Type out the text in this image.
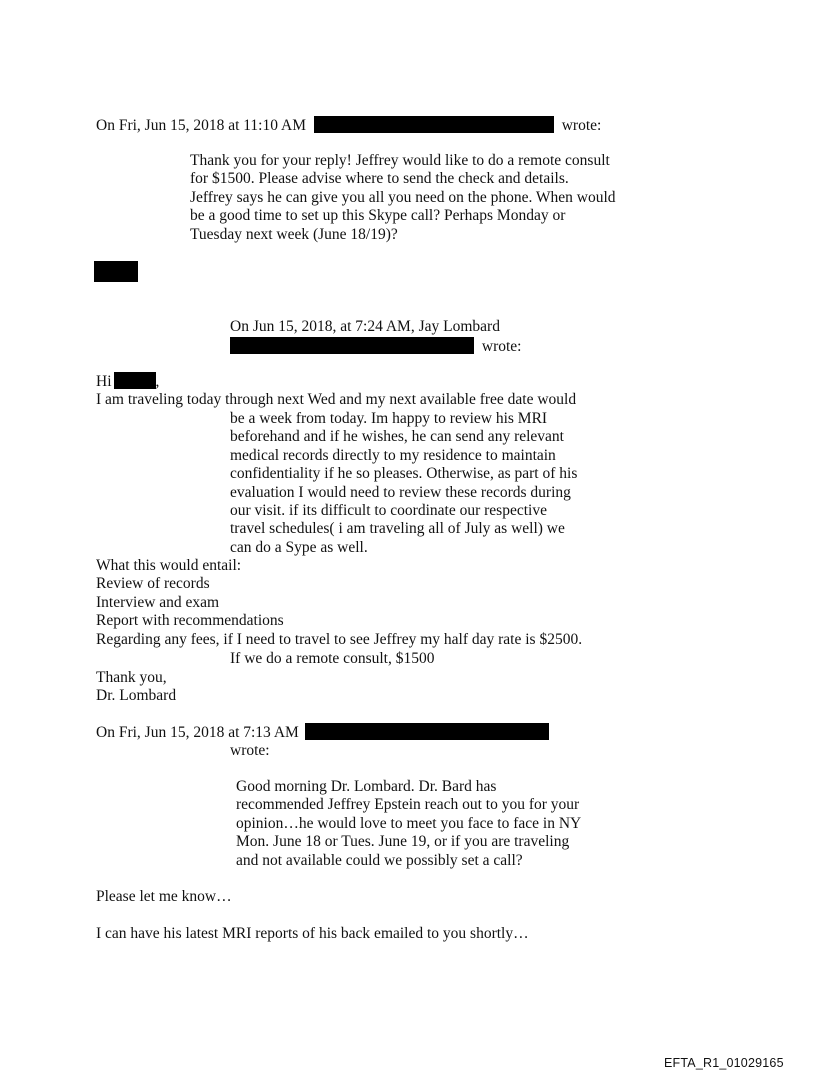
On Fri, Jun 15, 2018 at 11:10 AM	wrote:
Thank you for your reply! Jeffrey would like to do a remote consult
for $1500. Please advise where to send the check and details.
Jeffrey says he can give you all you need on the phone. When would
be a good time to set up this Skype call? Perhaps Monday or
Tuesday next week (June 18/19)?
On Jun 15, 2018, at 7:24 AM, Jay Lombard
wrote:
Hi	,
I am traveling today through next Wed and my next available free date would
be a week from today. Im happy to review his MRI
beforehand and if he wishes, he can send any relevant
medical records directly to my residence to maintain
confidentiality if he so pleases. Otherwise, as part of his
evaluation I would need to review these records during
our visit. if its difficult to coordinate our respective
travel schedules( i am traveling all of July as well) we
can do a Sype as well.
What this would entail:
Review of records
Interview and exam
Report with recommendations
Regarding any fees, if I need to travel to see Jeffrey my half day rate is $2500.
If we do a remote consult, $1500
Thank you,
Dr. Lombard
On Fri, Jun 15, 2018 at 7:13 AM
wrote:
Good morning Dr. Lombard. Dr. Bard has
recommended Jeffrey Epstein reach out to you for your
opinion…he would love to meet you face to face in NY
Mon. June 18 or Tues. June 19, or if you are traveling
and not available could we possibly set a call?
Please let me know…
I can have his latest MRI reports of his back emailed to you shortly…
EFTA_R1_01029165
